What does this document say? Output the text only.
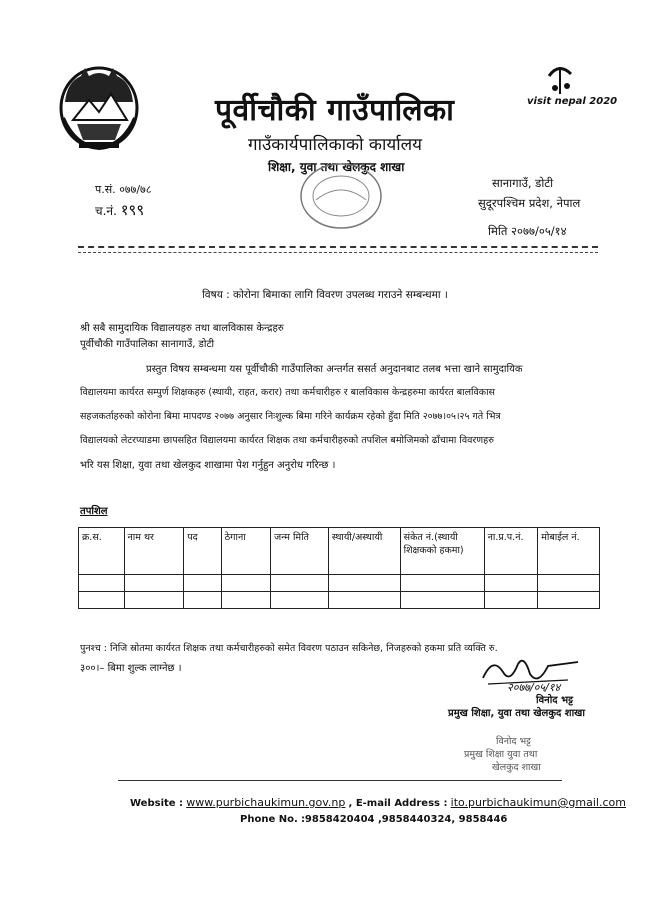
visit nepal 2020
पूर्वीचौकी गाउँपालिका
गाउँकार्यपालिकाको कार्यालय
शिक्षा, युवा तथा खेलकुद शाखा
प.सं. ०७७/७८
च.नं. १९९
सानागाउँ, डोटी
सुदूरपश्चिम प्रदेश, नेपाल
मिति २०७७/०५/१४
विषय : कोरोना बिमाका लागि विवरण उपलब्ध गराउने सम्बन्धमा ।
श्री सबै सामुदायिक विद्यालयहरु तथा बालविकास केन्द्रहरु
पूर्वीचौकी गाउँपालिका सानागाउँ, डोटी
प्रस्तुत विषय सम्बन्धमा यस पूर्वीचौकी गाउँपालिका अन्तर्गत ससर्त अनुदानबाट तलब भत्ता खाने सामुदायिक
विद्यालयमा कार्यरत सम्पुर्ण शिक्षकहरु (स्थायी, राहत, करार) तथा कर्मचारीहरु र बालविकास केन्द्रहरुमा कार्यरत बालविकास
सहजकर्ताहरुको कोरोना बिमा मापदण्ड २०७७ अनुसार निःशुल्क बिमा गरिने कार्यक्रम रहेको हुँदा मिति २०७७।०५।२५ गते भित्र
विद्यालयको लेटरप्याडमा छापसहित विद्यालयमा कार्यरत शिक्षक तथा कर्मचारीहरुको तपशिल बमोजिमको ढाँचामा विवरणहरु
भरि यस शिक्षा, युवा तथा खेलकुद शाखामा पेश गर्नुहुन अनुरोध गरिन्छ ।
तपशिल
क्र.स.	नाम थर	पद	ठेगाना	जन्म मिति	स्थायी/अस्थायी	संकेत नं.(स्थायी शिक्षकको हकमा)	ना.प्र.प.नं.	मोबाईल नं.

पुनश्च : निजि स्रोतमा कार्यरत शिक्षक तथा कर्मचारीहरुको समेत विवरण पठाउन सकिनेछ, निजहरुको हकमा प्रति व्यक्ति रु.
३००।– बिमा शुल्क लाग्नेछ ।
२०७७/०५/१४
विनोद भट्ट
प्रमुख शिक्षा, युवा तथा खेलकुद शाखा
विनोद भट्ट
प्रमुख शिक्षा युवा तथा
खेलकुद शाखा
Website : www.purbichaukimun.gov.np , E-mail Address : ito.purbichaukimun@gmail.com
Phone No. :9858420404 ,9858440324, 9858446
